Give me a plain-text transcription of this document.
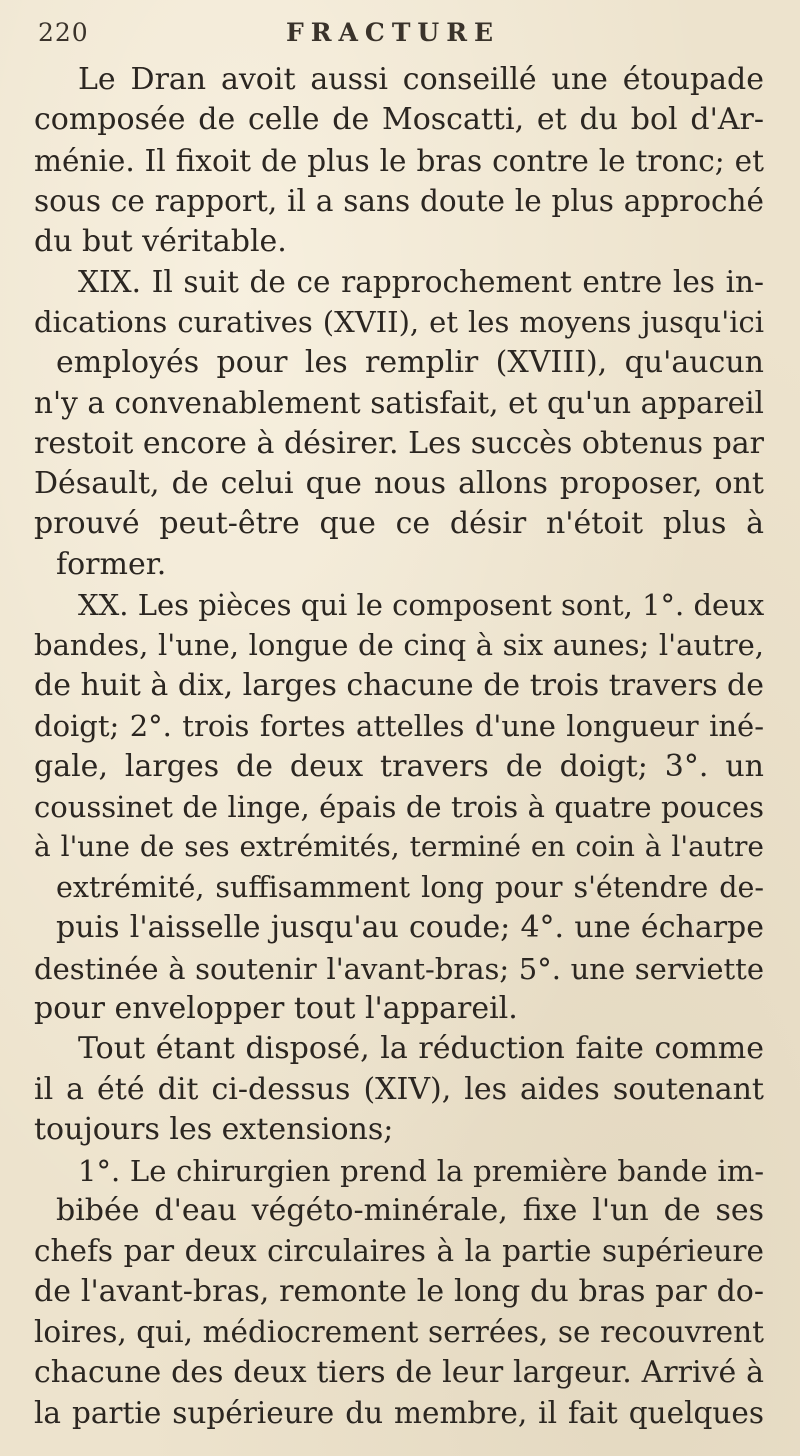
220	FRACTURE
Le Dran avoit aussi conseillé une étoupade
composée de celle de Moscatti, et du bol d'Ar-
ménie. Il fixoit de plus le bras contre le tronc; et
sous ce rapport, il a sans doute le plus approché
du but véritable.
XIX. Il suit de ce rapprochement entre les in-
dications curatives (XVII), et les moyens jusqu'ici
employés pour les remplir (XVIII), qu'aucun
n'y a convenablement satisfait, et qu'un appareil
restoit encore à désirer. Les succès obtenus par
Désault, de celui que nous allons proposer, ont
prouvé peut-être que ce désir n'étoit plus à
former.
XX. Les pièces qui le composent sont, 1°. deux
bandes, l'une, longue de cinq à six aunes; l'autre,
de huit à dix, larges chacune de trois travers de
doigt; 2°. trois fortes attelles d'une longueur iné-
gale, larges de deux travers de doigt; 3°. un
coussinet de linge, épais de trois à quatre pouces
à l'une de ses extrémités, terminé en coin à l'autre
extrémité, suffisamment long pour s'étendre de-
puis l'aisselle jusqu'au coude; 4°. une écharpe
destinée à soutenir l'avant-bras; 5°. une serviette
pour envelopper tout l'appareil.
Tout étant disposé, la réduction faite comme
il a été dit ci-dessus (XIV), les aides soutenant
toujours les extensions;
1°. Le chirurgien prend la première bande im-
bibée d'eau végéto-minérale, fixe l'un de ses
chefs par deux circulaires à la partie supérieure
de l'avant-bras, remonte le long du bras par do-
loires, qui, médiocrement serrées, se recouvrent
chacune des deux tiers de leur largeur. Arrivé à
la partie supérieure du membre, il fait quelques
